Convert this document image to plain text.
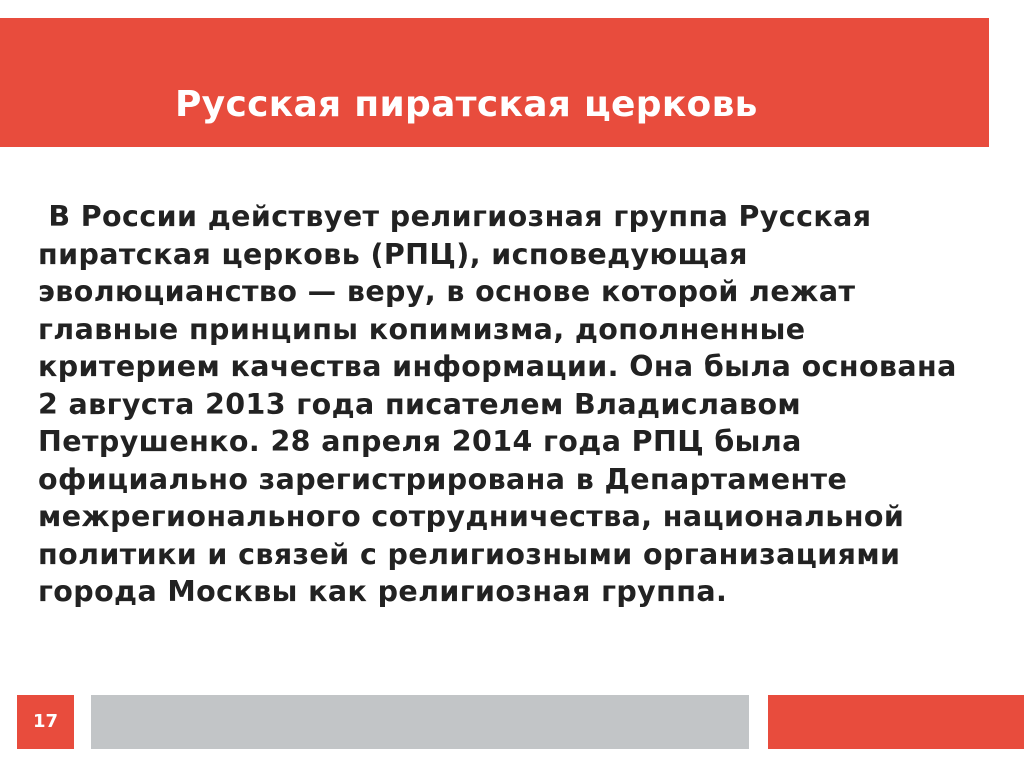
Русская пиратская церковь

В России действует религиозная группа Русская пиратская церковь (РПЦ), исповедующая эволюцианство — веру, в основе которой лежат главные принципы копимизма, дополненные критерием качества информации. Она была основана 2 августа 2013 года писателем Владиславом Петрушенко. 28 апреля 2014 года РПЦ была официально зарегистрирована в Департаменте межрегионального сотрудничества, национальной политики и связей с религиозными организациями города Москвы как религиозная группа.

17
